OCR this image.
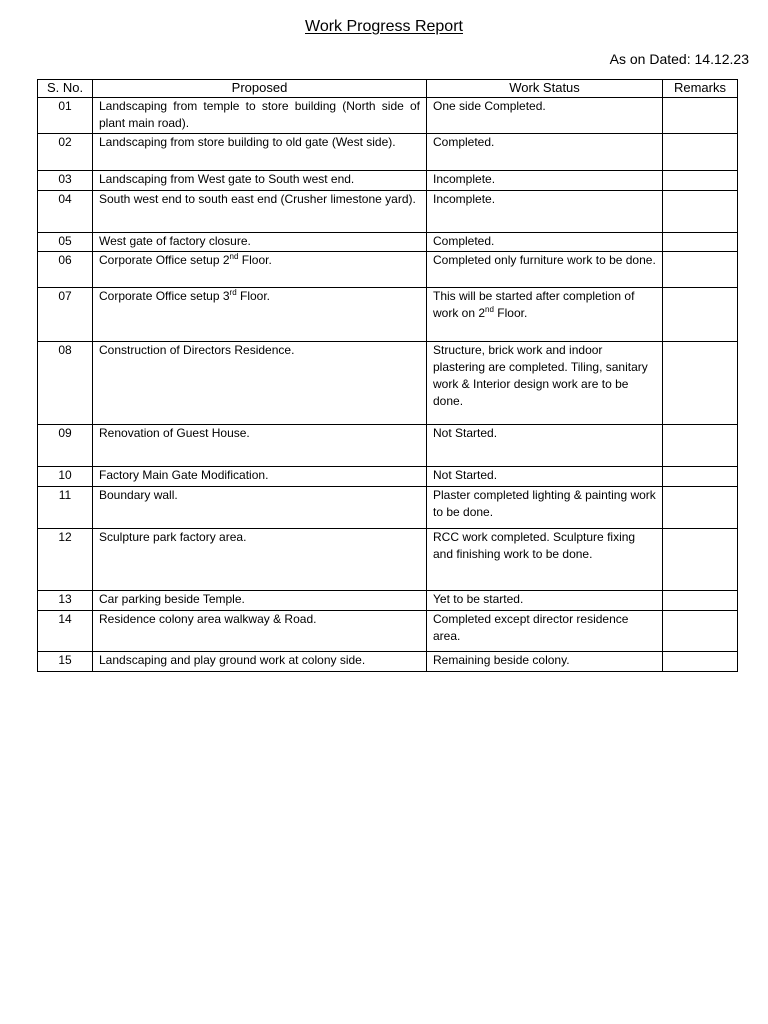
Work Progress Report
As on Dated: 14.12.23
S. No.	Proposed	Work Status	Remarks
01	Landscaping from temple to store building (North side of plant main road).	One side Completed.	
02	Landscaping from store building to old gate (West side).	Completed.	
03	Landscaping from West gate to South west end.	Incomplete.	
04	South west end to south east end (Crusher limestone yard).	Incomplete.	
05	West gate of factory closure.	Completed.	
06	Corporate Office setup 2nd Floor.	Completed only furniture work to be done.	
07	Corporate Office setup 3rd Floor.	This will be started after completion of work on 2nd Floor.	
08	Construction of Directors Residence.	Structure, brick work and indoor plastering are completed. Tiling, sanitary work & Interior design work are to be done.	
09	Renovation of Guest House.	Not Started.	
10	Factory Main Gate Modification.	Not Started.	
11	Boundary wall.	Plaster completed lighting & painting work to be done.	
12	Sculpture park factory area.	RCC work completed. Sculpture fixing and finishing work to be done.	
13	Car parking beside Temple.	Yet to be started.	
14	Residence colony area walkway & Road.	Completed except director residence area.	
15	Landscaping and play ground work at colony side.	Remaining beside colony.	
